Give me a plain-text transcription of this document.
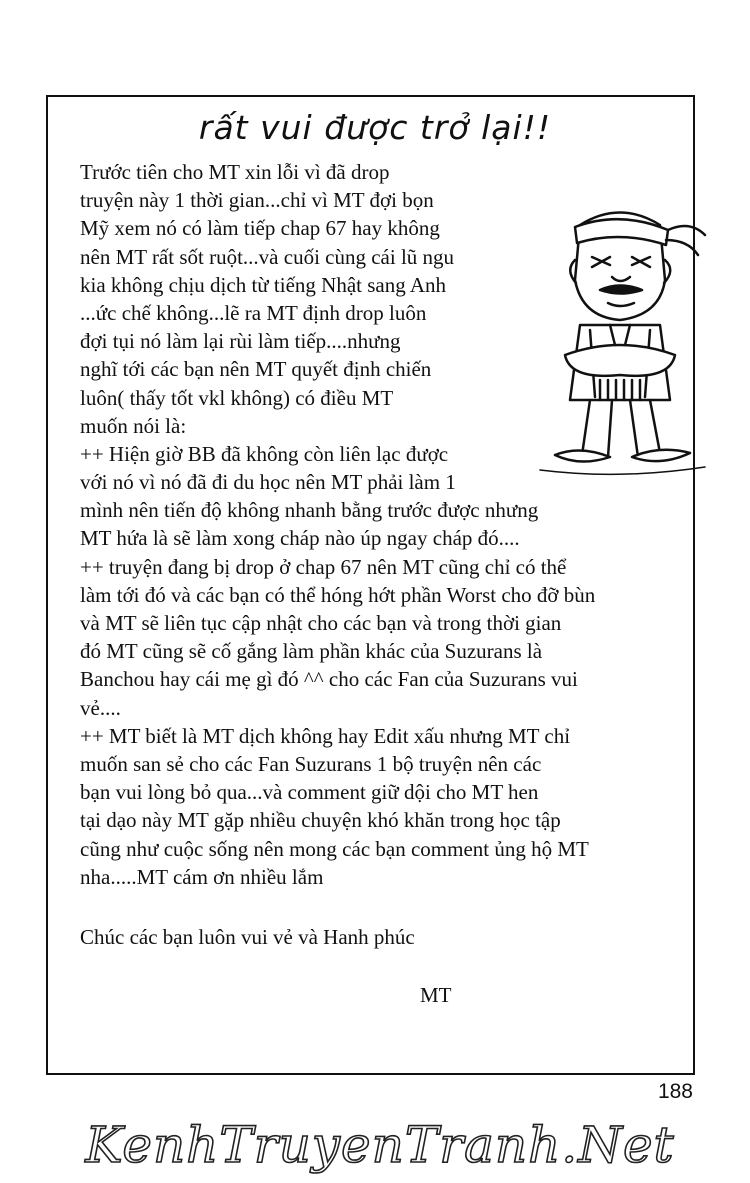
rất vui được trở lại!!
Trước tiên cho MT xin lỗi vì đã drop
truyện này 1 thời gian...chỉ vì MT đợi bọn
Mỹ xem nó có làm tiếp chap 67 hay không
nên MT rất sốt ruột...và cuối cùng cái lũ ngu
kia không chịu dịch từ tiếng Nhật sang Anh
...ức chế không...lẽ ra MT định drop luôn
đợi tụi nó làm lại rùi làm tiếp....nhưng
nghĩ tới các bạn nên MT quyết định chiến
luôn( thấy tốt vkl không) có điều MT
muốn nói là:
++ Hiện giờ BB đã không còn liên lạc được
với nó vì nó đã đi du học nên MT phải làm 1
mình nên tiến độ không nhanh bằng trước được nhưng
MT hứa là sẽ làm xong cháp nào úp ngay cháp đó....
++ truyện đang bị drop ở chap 67 nên MT cũng chỉ có thể
làm tới đó và các bạn có thể hóng hớt phần Worst cho đỡ bùn
và MT sẽ liên tục cập nhật cho các bạn và trong thời gian
đó MT cũng sẽ cố gắng làm phần khác của Suzurans là
Banchou hay cái mẹ gì đó ^^ cho các Fan của Suzurans vui
vẻ....
++ MT biết là MT dịch không hay Edit xấu nhưng MT chỉ
muốn san sẻ cho các Fan Suzurans 1 bộ truyện nên các
bạn vui lòng bỏ qua...và comment giữ dội cho MT hen
tại dạo này MT gặp nhiều chuyện khó khăn trong học tập
cũng như cuộc sống nên mong các bạn comment ủng hộ MT
nha.....MT cám ơn nhiều lắm

Chúc các bạn luôn vui vẻ và Hanh phúc

MT

188
KenhTruyenTranh.Net
